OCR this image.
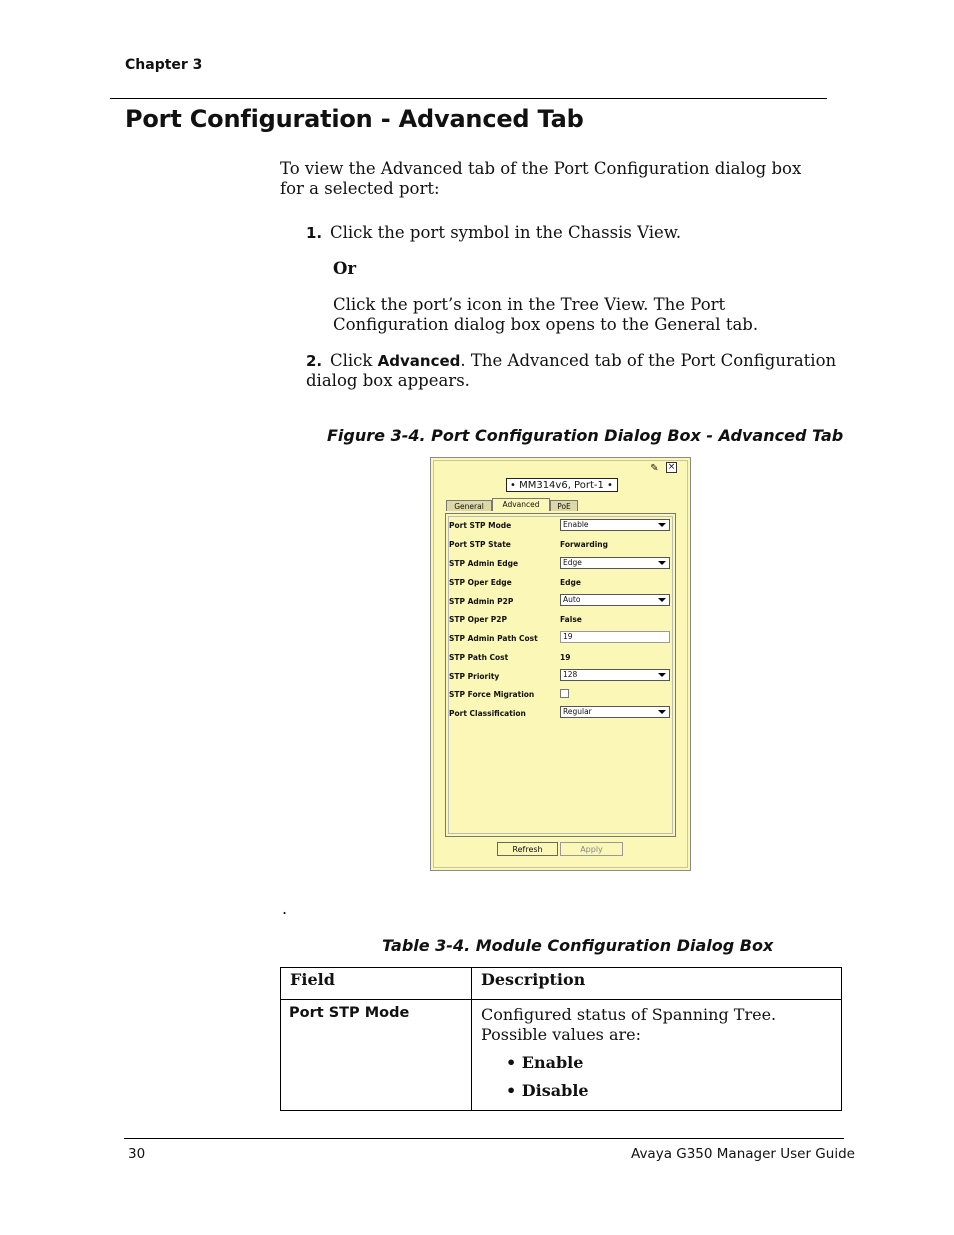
Chapter 3
Port Configuration - Advanced Tab
To view the Advanced tab of the Port Configuration dialog box for a selected port:
1. Click the port symbol in the Chassis View.
Or
Click the port’s icon in the Tree View. The Port Configuration dialog box opens to the General tab.
2. Click Advanced. The Advanced tab of the Port Configuration dialog box appears.
Figure 3-4. Port Configuration Dialog Box - Advanced Tab
✎ ×
• MM314v6, Port-1 •
General	Advanced	PoE
Port STP Mode	Enable
Port STP State	Forwarding
STP Admin Edge	Edge
STP Oper Edge	Edge
STP Admin P2P	Auto
STP Oper P2P	False
STP Admin Path Cost	19
STP Path Cost	19
STP Priority	128
STP Force Migration
Port Classification	Regular
Refresh	Apply
.
Table 3-4. Module Configuration Dialog Box
Field	Description
Port STP Mode	Configured status of Spanning Tree. Possible values are:
• Enable
• Disable
30	Avaya G350 Manager User Guide
